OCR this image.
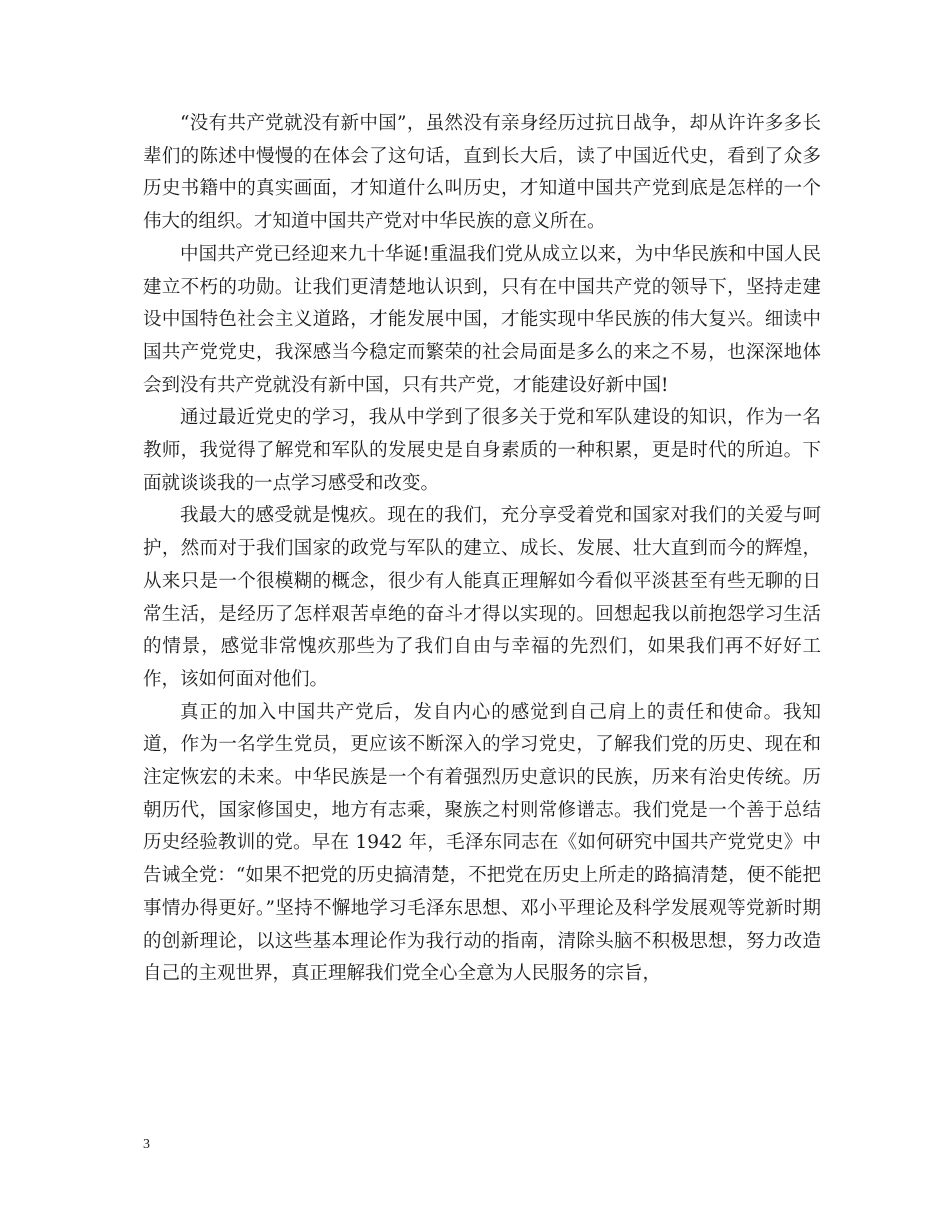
“没有共产党就没有新中国”，虽然没有亲身经历过抗日战争，却从许许多多长辈们的陈述中慢慢的在体会了这句话，直到长大后，读了中国近代史，看到了众多历史书籍中的真实画面，才知道什么叫历史，才知道中国共产党到底是怎样的一个伟大的组织。才知道中国共产党对中华民族的意义所在。

中国共产党已经迎来九十华诞!重温我们党从成立以来，为中华民族和中国人民建立不朽的功勋。让我们更清楚地认识到，只有在中国共产党的领导下，坚持走建设中国特色社会主义道路，才能发展中国，才能实现中华民族的伟大复兴。细读中国共产党党史，我深感当今稳定而繁荣的社会局面是多么的来之不易，也深深地体会到没有共产党就没有新中国，只有共产党，才能建设好新中国!

通过最近党史的学习，我从中学到了很多关于党和军队建设的知识，作为一名教师，我觉得了解党和军队的发展史是自身素质的一种积累，更是时代的所迫。下面就谈谈我的一点学习感受和改变。

我最大的感受就是愧疚。现在的我们，充分享受着党和国家对我们的关爱与呵护，然而对于我们国家的政党与军队的建立、成长、发展、壮大直到而今的辉煌，从来只是一个很模糊的概念，很少有人能真正理解如今看似平淡甚至有些无聊的日常生活，是经历了怎样艰苦卓绝的奋斗才得以实现的。回想起我以前抱怨学习生活的情景，感觉非常愧疚那些为了我们自由与幸福的先烈们，如果我们再不好好工作，该如何面对他们。

真正的加入中国共产党后，发自内心的感觉到自己肩上的责任和使命。我知道，作为一名学生党员，更应该不断深入的学习党史，了解我们党的历史、现在和注定恢宏的未来。中华民族是一个有着强烈历史意识的民族，历来有治史传统。历朝历代，国家修国史，地方有志乘，聚族之村则常修谱志。我们党是一个善于总结历史经验教训的党。早在 1942 年，毛泽东同志在《如何研究中国共产党党史》中告诫全党：“如果不把党的历史搞清楚，不把党在历史上所走的路搞清楚，便不能把事情办得更好。”坚持不懈地学习毛泽东思想、邓小平理论及科学发展观等党新时期的创新理论，以这些基本理论作为我行动的指南，清除头脑不积极思想，努力改造自己的主观世界，真正理解我们党全心全意为人民服务的宗旨，

3
